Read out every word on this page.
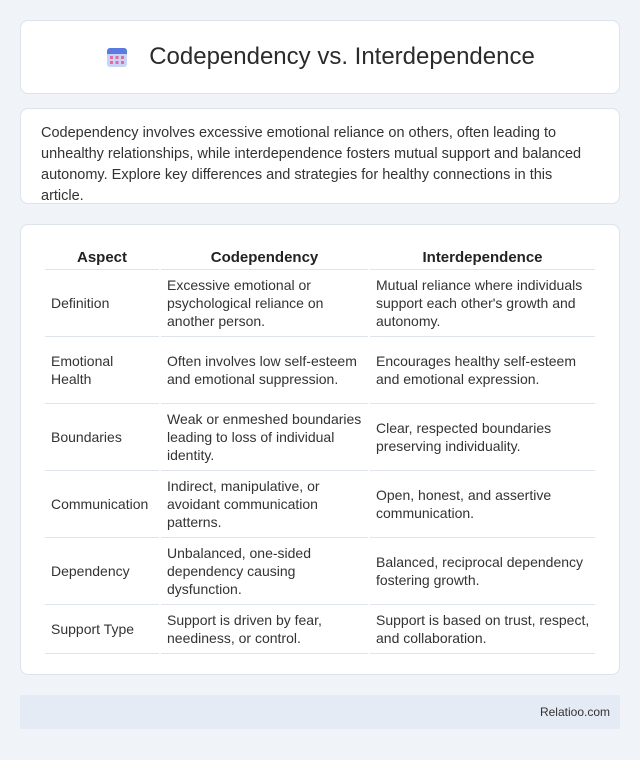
Codependency vs. Interdependence

Codependency involves excessive emotional reliance on others, often leading to unhealthy relationships, while interdependence fosters mutual support and balanced autonomy. Explore key differences and strategies for healthy connections in this article.

Aspect	Codependency	Interdependence
Definition	Excessive emotional or psychological reliance on another person.	Mutual reliance where individuals support each other's growth and autonomy.
Emotional Health	Often involves low self-esteem and emotional suppression.	Encourages healthy self-esteem and emotional expression.
Boundaries	Weak or enmeshed boundaries leading to loss of individual identity.	Clear, respected boundaries preserving individuality.
Communication	Indirect, manipulative, or avoidant communication patterns.	Open, honest, and assertive communication.
Dependency	Unbalanced, one-sided dependency causing dysfunction.	Balanced, reciprocal dependency fostering growth.
Support Type	Support is driven by fear, neediness, or control.	Support is based on trust, respect, and collaboration.
Relatioo.com
